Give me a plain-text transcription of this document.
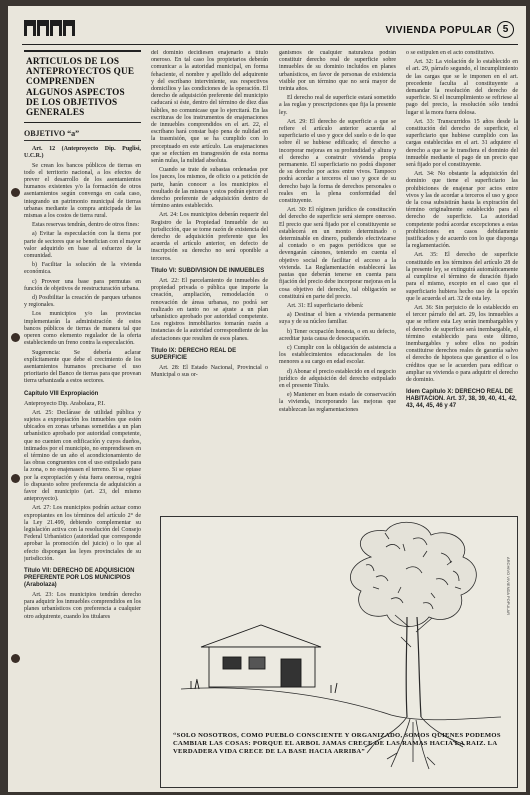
VIVIENDA POPULAR	5
ARTICULOS DE LOS ANTEPROYECTOS QUE COMPRENDEN ALGUNOS ASPECTOS DE LOS OBJETIVOS GENERALES
OBJETIVO “a”

Art. 12 (Anteproyecto Dip. Puglisi, U.C.R.)

Se crean los bancos públicos de tierras en todo el territorio nacional, a los efectos de prever el desarrollo de los asentamientos humanos existentes y/o la formación de otros asentamientos según convenga en cada caso, integrando un patrimonio municipal de tierras urbanas mediante la compra anticipada de las mismas a los costos de tierra rural.

Estas reservas tendrán, dentro de otros fines:

a) Evitar la especulación con la tierra por parte de sectores que se benefician con el mayor valor adquirido en base al esfuerzo de la comunidad.

b) Facilitar la solución de la vivienda económica.

c) Proveer una base para permutas en función de objetivos de reestructuración urbana.

d) Posibilitar la creación de parques urbanos y regionales.

Los municipios y/o las provincias implementarán la administración de estos bancos públicos de tierras de manera tal que operen como elemento regulador de la oferta estableciendo un freno contra la especulación.

Sugerencia: Se debería aclarar explícitamente que debe el crecimiento de los asentamientos humanos precisarse el uso prioritario del Banco de tierras para que provean tierra urbanizada a estos sectores.

Capítulo VIII Expropiación

Anteproyecto Dip. Arabolaza, P.I.

Art. 25: Declárase de utilidad pública y sujetos a expropiación los inmuebles que estén ubicados en zonas urbanas sometidas a un plan urbanístico aprobado por autoridad competente, que no cuenten con edificación y cuyos dueños, intimados por el municipio, no emprendiesen en el término de un año el acondicionamiento de las obras congruentes con el uso estipulado para la zona, o no enajenasen el terreno. Si se optase por la expropiación y ésta fuera onerosa, regirá lo dispuesto sobre preferencia de adquisición a favor del municipio (art. 23, del mismo anteproyecto).

Art. 27: Los municipios podrán actuar como expropiantes en los términos del artículo 2° de la Ley 21.499, debiendo complementar su legislación activa con la resolución del Consejo Federal Urbanístico (autoridad que corresponde aprobar la promoción del juicio) o lo que al efecto dispongan las leyes provinciales de su jurisdicción.

Título VII: DERECHO DE ADQUISICION PREFERENTE POR LOS MUNICIPIOS (Arabolaza)

Art. 23: Los municipios tendrán derecho para adquirir los inmuebles comprendidos en los planes urbanísticos con preferencia a cualquier otro adquirente, cuando los titulares

del dominio decidiesen enajenarlo a título oneroso. En tal caso los propietarios deberán comunicar a la autoridad municipal, en forma fehaciente, el nombre y apellido del adquirente y del escribano interviniente, sus respectivos domicilios y las condiciones de la operación. El derecho de adquisición preferente del municipio caducará si éste, dentro del término de diez días hábiles, no comunicase que lo ejercitará. En las escrituras de los instrumentos de enajenaciones de inmuebles comprendidos en el art. 22, el escribano hará constar bajo pena de nulidad en la trasmisión, que se ha cumplido con lo preceptuado en este artículo. Las enajenaciones que se efectúen en transgresión de esta norma serán nulas, la nulidad absoluta.

Cuando se trate de subastas ordenadas por los jueces, los mismos, de oficio o a petición de parte, harán conocer a los municipios el resultado de las mismas y estos podrán ejercer el derecho preferente de adquisición dentro de término antes establecido.

Art. 24: Los municipios deberán requerir del Registro de la Propiedad Inmueble de su jurisdicción, que se tome razón de existencia del derecho de adquisición preferente que les acuerda el artículo anterior, en defecto de inscripción su derecho no será oponible a terceros.

Titulo VI: SUBDIVISION DE INMUEBLES

Art. 22: El parcelamiento de inmuebles de propiedad privada o pública que importe la creación, ampliación, remodelación o renovación de áreas urbanas, no podrá ser realizado en tanto no se ajuste a un plan urbanístico aprobado por autoridad competente. Los registros inmobiliarios tomarán razón a instancias de la autoridad correspondiente de las afectaciones que resulten de esos planes.

Titulo IX: DERECHO REAL DE SUPERFICIE

Art. 28: El Estado Nacional, Provincial o Municipal o sus or-

ganismos de cualquier naturaleza podrán constituir derecho real de superficie sobre inmuebles de su dominio incluidos en planes urbanísticos, en favor de personas de existencia visible por un término que no será mayor de treinta años.

El derecho real de superficie estará sometido a las reglas y prescripciones que fija la presente ley.

Art. 29: El derecho de superficie a que se refiere el artículo anterior acuerda al superficiario el uso y goce del suelo o de lo que sobre él se hubiese edificado; el derecho a incorporar mejoras en su profundidad y altura y el derecho a construir vivienda propia permanente. El superficiario no podrá disponer de su derecho por actos entre vivos. Tampoco podrá acordar a terceros el uso y goce de su derecho bajo la forma de derechos personales o reales en la plena conformidad del constituyente.

Art. 30: El régimen jurídico de constitución del derecho de superficie será siempre oneroso. El precio que será fijado por el constituyente se establecerá en un monto determinado o determinable en dinero, pudiendo efectivizarse al contado o en pagos periódicos que se devengarán cánones, teniendo en cuenta el objetivo social de facilitar el acceso a la vivienda. La Reglamentación establecerá las pautas que deberán tenerse en cuenta para fijación del precio debe incorporar mejoras en la cosa objetivo del derecho, tal obligación se constituirá en parte del precio.

Art. 31: El superficiario deberá:

a) Destinar el bien a vivienda permanente suya y de su núcleo familiar.

b) Tener ocupación honesta, o en su defecto, acreditar justa causa de desocupación.

c) Cumplir con la obligación de asistencia a los establecimientos educacionales de los menores a su cargo en edad escolar.

d) Abonar el precio establecido en el negocio jurídico de adquisición del derecho estipulado en el presente Título.

e) Mantener en buen estado de conservación la vivienda, incorporando las mejoras que establezcan las reglamentaciones

o se estipulen en el acto constitutivo.

Art. 32: La violación de lo establecido en el art. 29, párrafo segundo, el incumplimiento de las cargas que se le imponen en el art. precedente faculta al constituyente a demandar la resolución del derecho de superficie. Si el incumplimiento se refiriese al pago del precio, la resolución sólo tendrá lugar si la mora fuera dolosa.

Art. 33: Transcurridos 15 años desde la constitución del derecho de superficie, el superficiario que hubiese cumplido con las cargas establecidas en el art. 31 adquiere el derecho a que se le transfiera el dominio del inmueble mediante el pago de un precio que será fijado por el constituyente.

Art. 34: No obstante la adquisición del dominio que tiene el superficiario las prohibiciones de enajenar por actos entre vivos y las de acordar a terceros el uso y goce de la cosa subsistirán hasta la expiración del término originalmente establecido para el derecho de superficie. La autoridad competente podrá acordar excepciones a estas prohibiciones en casos debidamente justificados y de acuerdo con lo que disponga la reglamentación.

Art. 35: El derecho de superficie constituido en los términos del artículo 28 de la presente ley, se extinguirá automáticamente al cumplirse el término de duración fijado para el mismo, excepto en el caso que el superficiario hubiera hecho uso de la opción que le acuerda el art. 32 de esta ley.

Art. 36: Sin perjuicio de lo establecido en el tercer párrafo del art. 29, los inmuebles a que se refiere esta Ley serán inembargables y el derecho de superficie será inembargable, el término establecido para este último, inembargables y sobre ellos no podrán constituirse derechos reales de garantía salvo el derecho de hipoteca que garantice el o los créditos que se le acuerden para edificar o ampliar su vivienda o para adquirir el derecho de dominio.

Idem Capítulo X: DERECHO REAL DE HABITACION. Art. 37, 38, 39, 40, 41, 42, 43, 44, 45, 46 y 47
ARCHIVO VIVIENDA POPULAR
“SOLO NOSOTROS, COMO PUEBLO CONSCIENTE Y ORGANIZADO, SOMOS QUIENES PODEMOS CAMBIAR LAS COSAS: PORQUE EL ARBOL JAMAS CRECE DE LAS RAMAS HACIA LA RAIZ. LA VERDADERA VIDA CRECE DE LA BASE HACIA ARRIBA”
